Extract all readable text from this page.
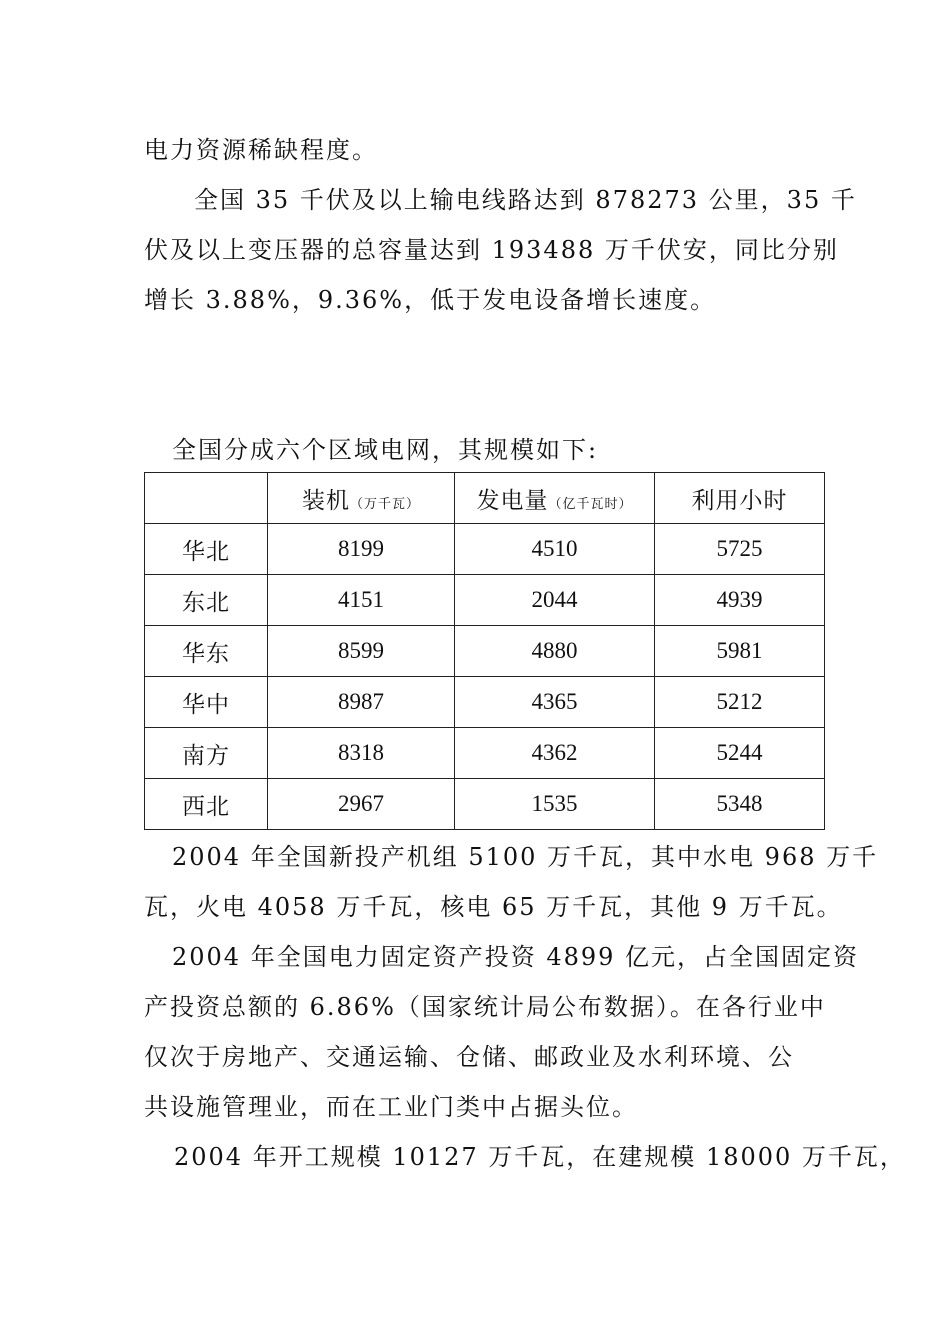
电力资源稀缺程度。
全国 35 千伏及以上输电线路达到 878273 公里，35 千
伏及以上变压器的总容量达到 193488 万千伏安，同比分别
增长 3.88%，9.36%，低于发电设备增长速度。
全国分成六个区域电网，其规模如下:
	装机（万千瓦）	发电量（亿千瓦时）	利用小时
华北	8199	4510	5725
东北	4151	2044	4939
华东	8599	4880	5981
华中	8987	4365	5212
南方	8318	4362	5244
西北	2967	1535	5348
2004 年全国新投产机组 5100 万千瓦，其中水电 968 万千
瓦，火电 4058 万千瓦，核电 65 万千瓦，其他 9 万千瓦。
2004 年全国电力固定资产投资 4899 亿元，占全国固定资
产投资总额的 6.86%（国家统计局公布数据）。在各行业中
仅次于房地产、交通运输、仓储、邮政业及水利环境、公
共设施管理业，而在工业门类中占据头位。
2004 年开工规模 10127 万千瓦，在建规模 18000 万千瓦，
